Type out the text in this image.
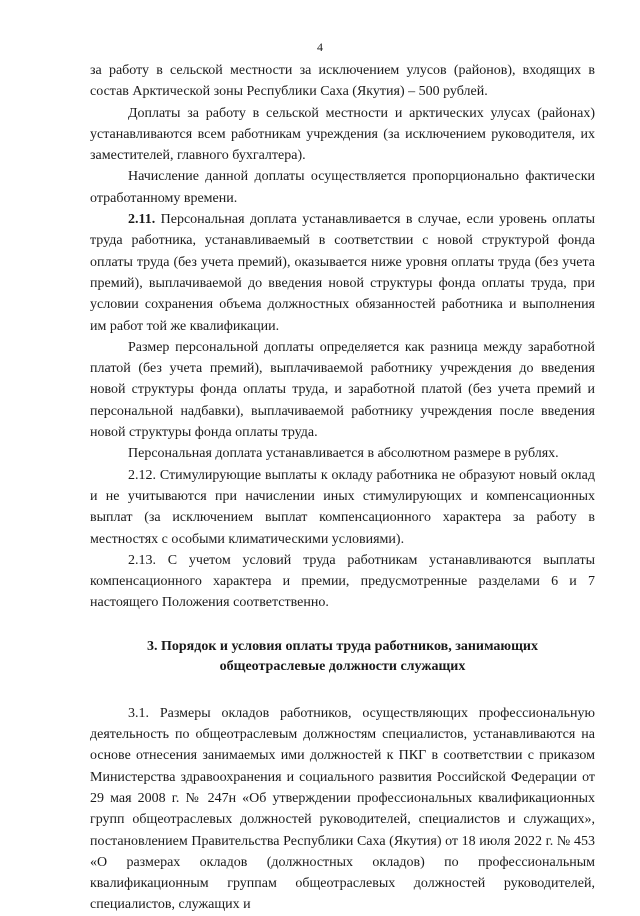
4

за работу в сельской местности за исключением улусов (районов), входящих в состав Арктической зоны Республики Саха (Якутия) – 500 рублей.

Доплаты за работу в сельской местности и арктических улусах (районах) устанавливаются всем работникам учреждения (за исключением руководителя, их заместителей, главного бухгалтера).

Начисление данной доплаты осуществляется пропорционально фактически отработанному времени.

2.11. Персональная доплата устанавливается в случае, если уровень оплаты труда работника, устанавливаемый в соответствии с новой структурой фонда оплаты труда (без учета премий), оказывается ниже уровня оплаты труда (без учета премий), выплачиваемой до введения новой структуры фонда оплаты труда, при условии сохранения объема должностных обязанностей работника и выполнения им работ той же квалификации.

Размер персональной доплаты определяется как разница между заработной платой (без учета премий), выплачиваемой работнику учреждения до введения новой структуры фонда оплаты труда, и заработной платой (без учета премий и персональной надбавки), выплачиваемой работнику учреждения после введения новой структуры фонда оплаты труда.

Персональная доплата устанавливается в абсолютном размере в рублях.

2.12. Стимулирующие выплаты к окладу работника не образуют новый оклад и не учитываются при начислении иных стимулирующих и компенсационных выплат (за исключением выплат компенсационного характера за работу в местностях с особыми климатическими условиями).

2.13. С учетом условий труда работникам устанавливаются выплаты компенсационного характера и премии, предусмотренные разделами 6 и 7 настоящего Положения соответственно.

3. Порядок и условия оплаты труда работников, занимающих
общеотраслевые должности служащих

3.1. Размеры окладов работников, осуществляющих профессиональную деятельность по общеотраслевым должностям специалистов, устанавливаются на основе отнесения занимаемых ими должностей к ПКГ в соответствии с приказом Министерства здравоохранения и социального развития Российской Федерации от 29 мая 2008 г. № 247н «Об утверждении профессиональных квалификационных групп общеотраслевых должностей руководителей, специалистов и служащих», постановлением Правительства Республики Саха (Якутия) от 18 июля 2022 г. № 453 «О размерах окладов (должностных окладов) по профессиональным квалификационным группам общеотраслевых должностей руководителей, специалистов, служащих и
